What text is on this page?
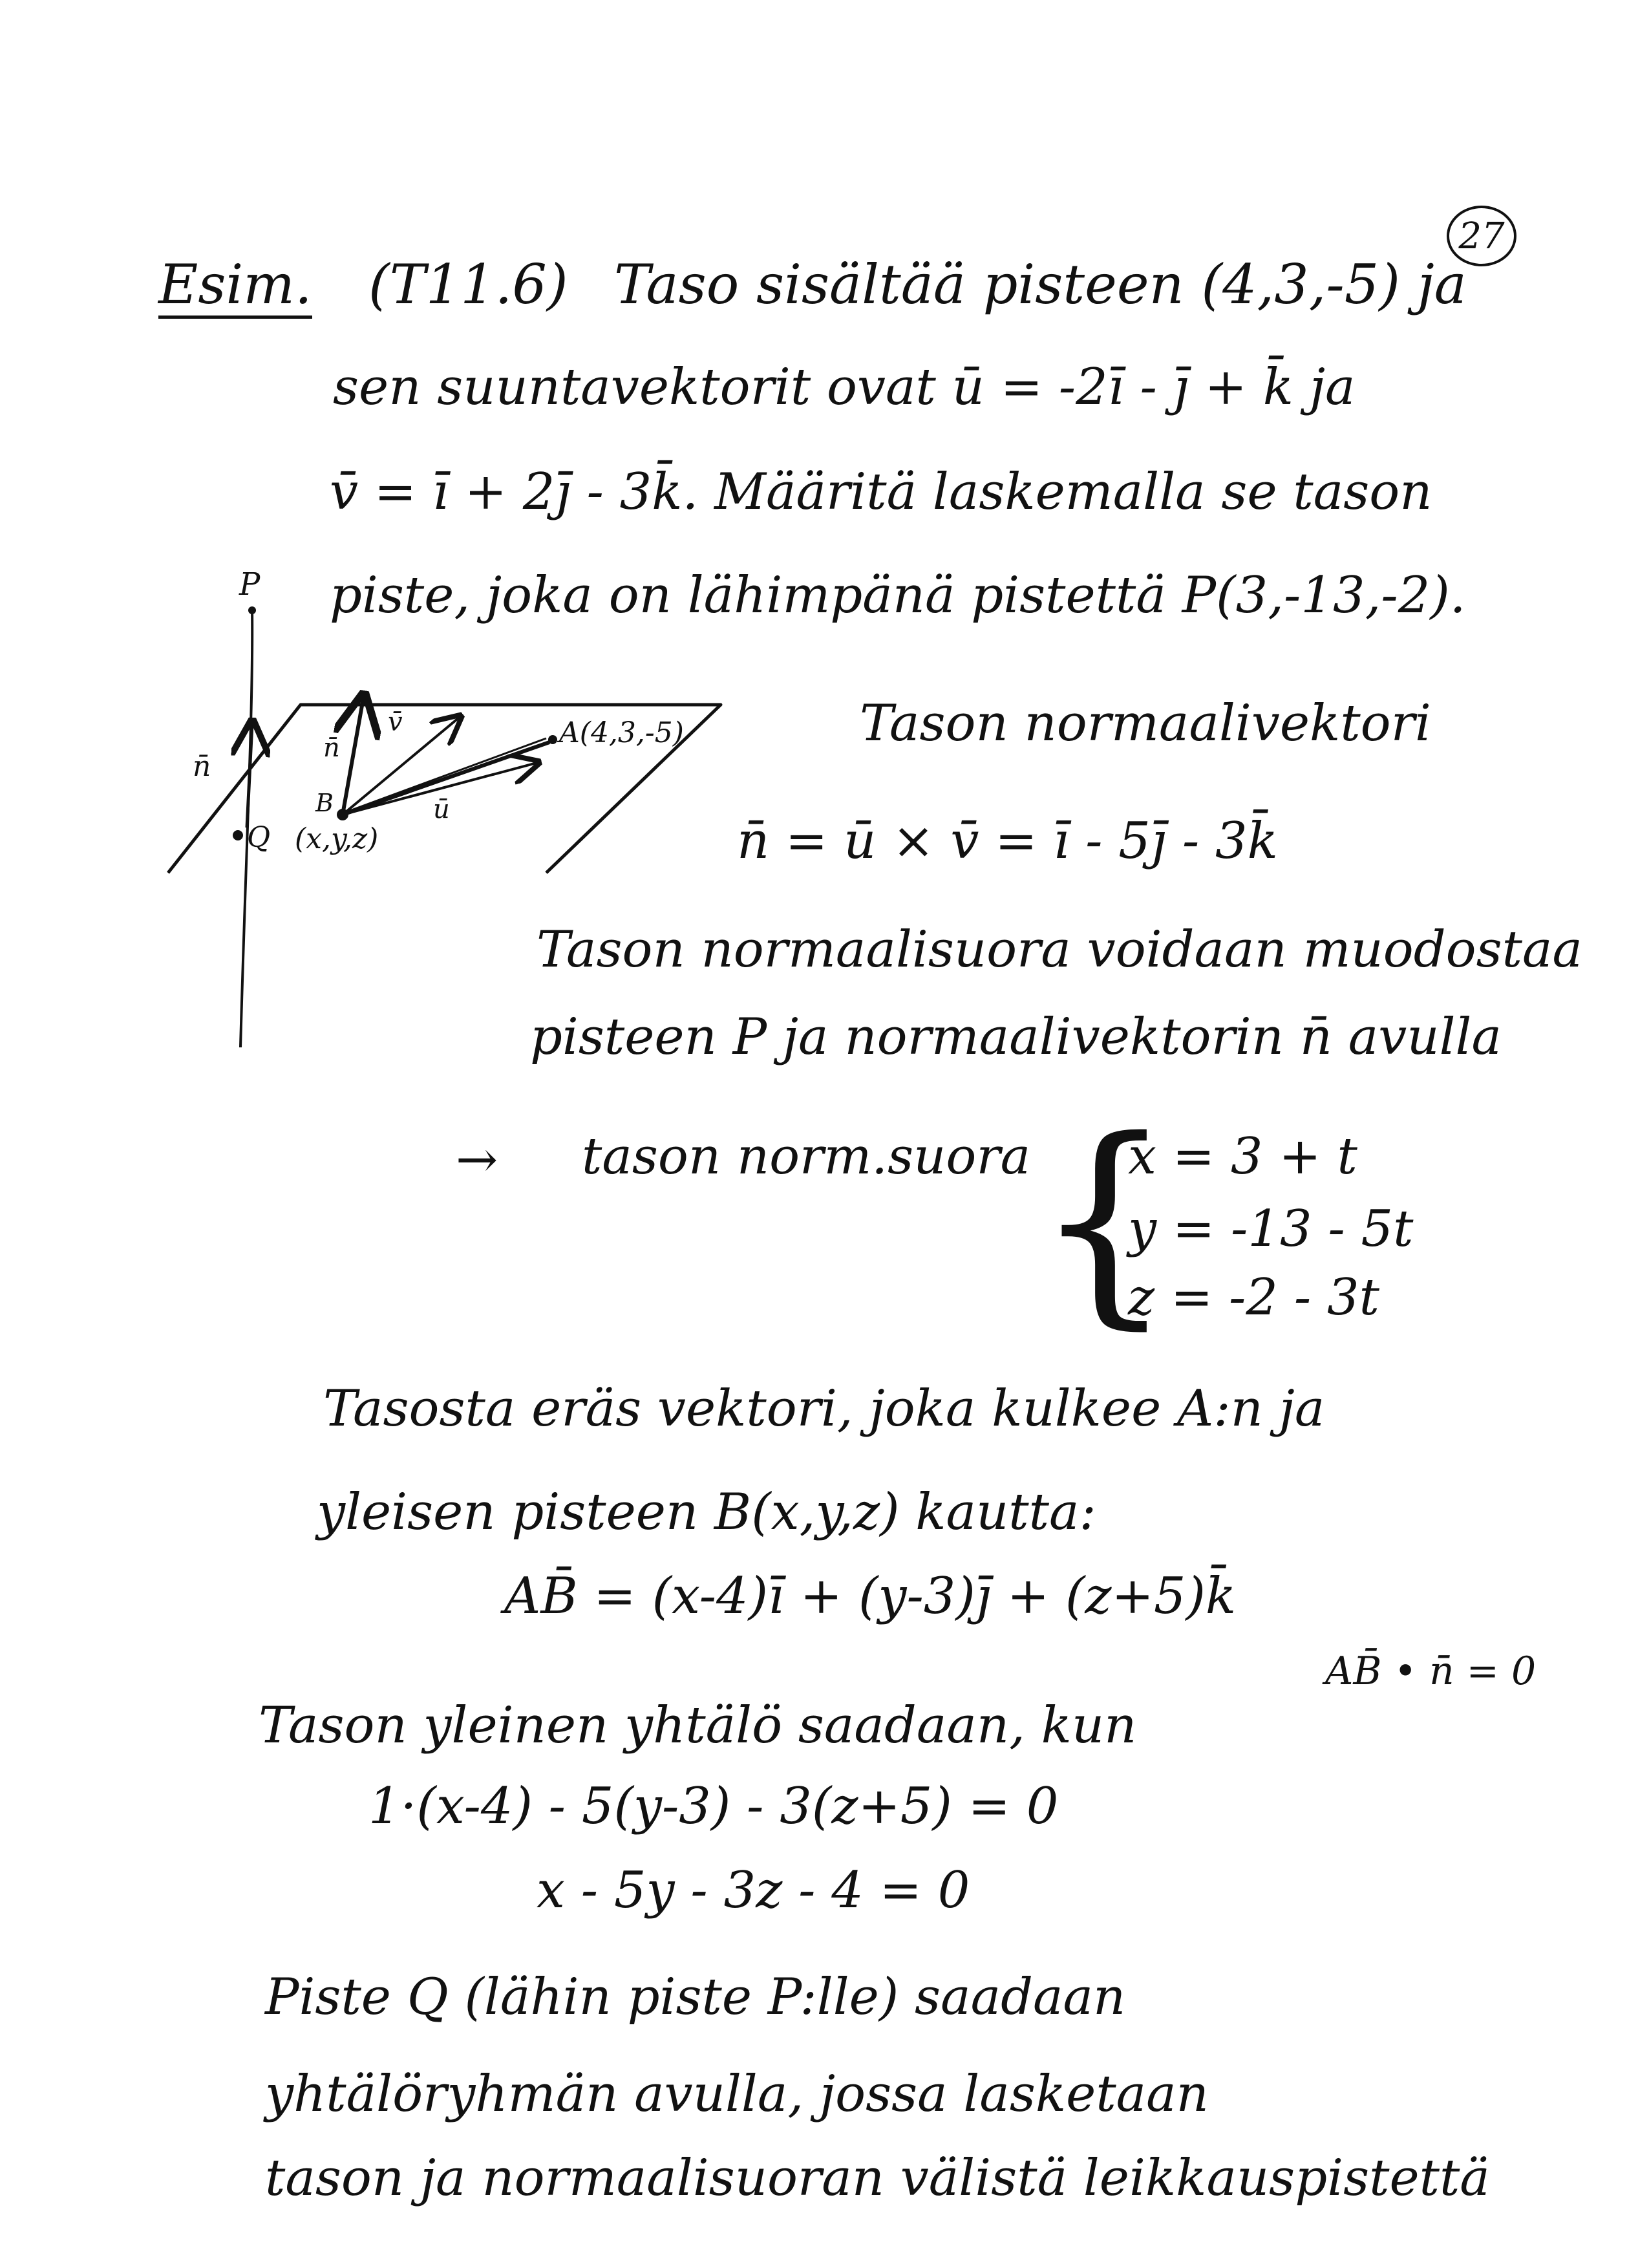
27
Esim. (T11.6) Taso sisältää pisteen (4,3,-5) ja
sen suuntavektorit ovat ū = -2ī - j̄ + k̄ ja
v̄ = ī + 2j̄ - 3k̄. Määritä laskemalla se tason
piste, joka on lähimpänä pistettä P(3,-13,-2).
P
Q
n̄
n̄
v̄
ū
A(4,3,-5)
B
(x,y,z)
Tason normaalivektori
n̄ = ū × v̄ = ī - 5j̄ - 3k̄
Tason normaalisuora voidaan muodostaa
pisteen P ja normaalivektorin n̄ avulla
→ tason norm.suora {
x = 3 + t
y = -13 - 5t
z = -2 - 3t
Tasosta eräs vektori, joka kulkee A:n ja
yleisen pisteen B(x,y,z) kautta:
AB̄ = (x-4)ī + (y-3)j̄ + (z+5)k̄
Tason yleinen yhtälö saadaan, kun
AB̄ • n̄ = 0
1·(x-4) - 5(y-3) - 3(z+5) = 0
x - 5y - 3z - 4 = 0
Piste Q (lähin piste P:lle) saadaan
yhtälöryhmän avulla, jossa lasketaan
tason ja normaalisuoran välistä leikkauspistettä
